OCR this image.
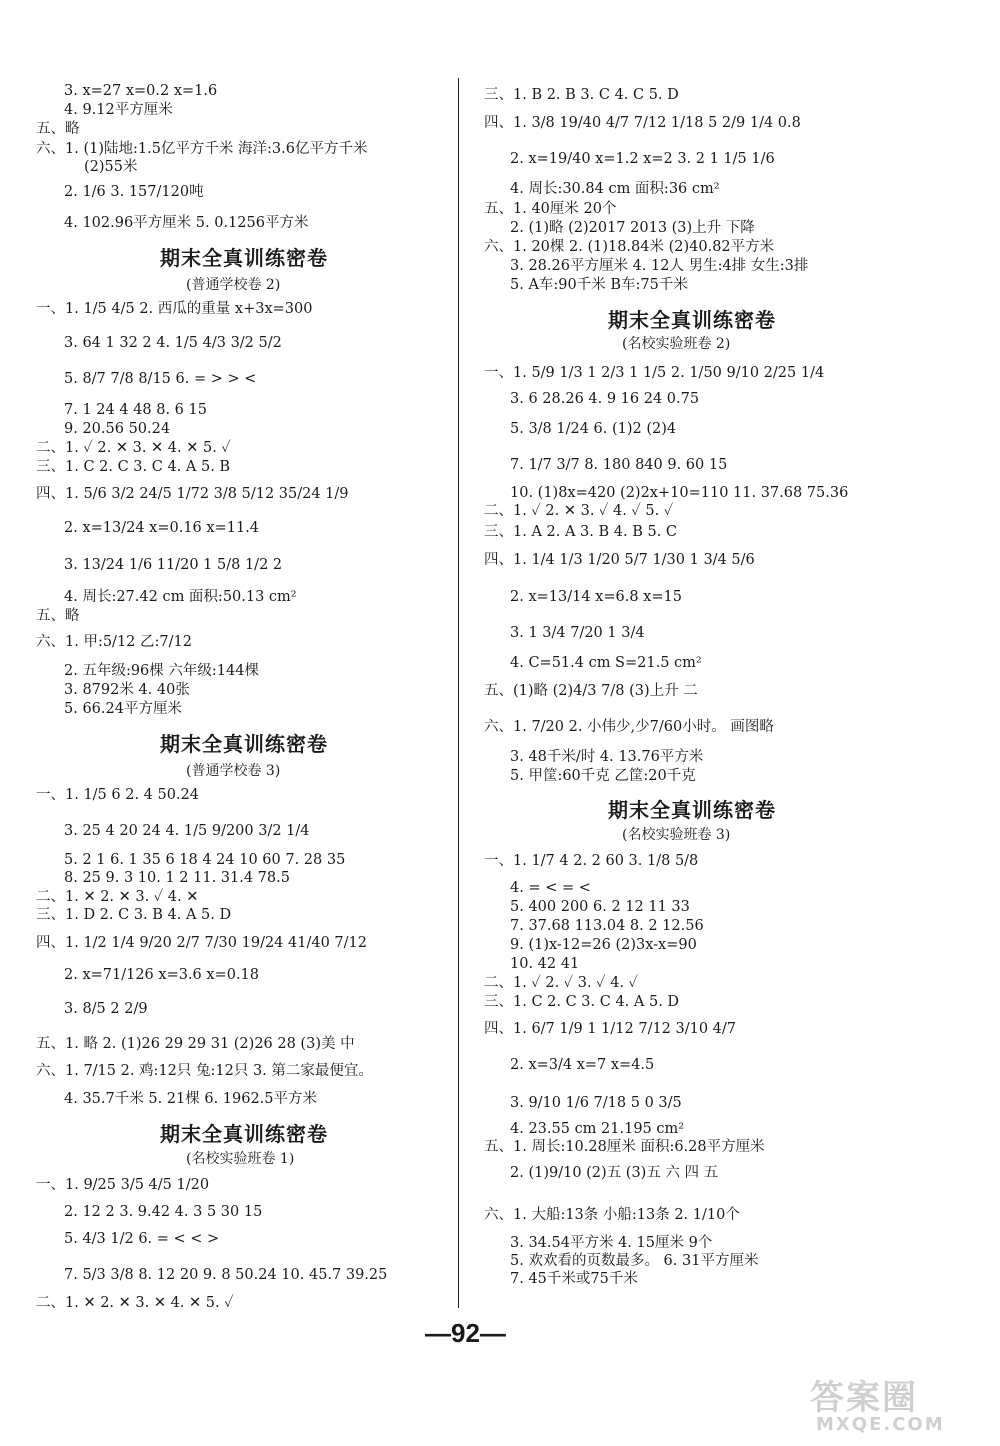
3. x=27 x=0.2 x=1.6
4. 9.12平方厘米
五、略
六、1. (1)陆地:1.5亿平方千米 海洋:3.6亿平方千米
(2)55米
2. 1/6 3. 157/120吨
4. 102.96平方厘米 5. 0.1256平方米
期末全真训练密卷
(普通学校卷 2)
一、1. 1/5 4/5 2. 西瓜的重量 x+3x=300
3. 64 1 32 2 4. 1/5 4/3 3/2 5/2
5. 8/7 7/8 8/15 6. = > > <
7. 1 24 4 48 8. 6 15
9. 20.56 50.24
二、1. ✓ 2. ✕ 3. ✕ 4. ✕ 5. ✓
三、1. C 2. C 3. C 4. A 5. B
四、1. 5/6 3/2 24/5 1/72 3/8 5/12 35/24 1/9
2. x=13/24 x=0.16 x=11.4
3. 13/24 1/6 11/20 1 5/8 1/2 2
4. 周长:27.42 cm 面积:50.13 cm²
五、略
六、1. 甲:5/12 乙:7/12
2. 五年级:96棵 六年级:144棵
3. 8792米 4. 40张
5. 66.24平方厘米
期末全真训练密卷
(普通学校卷 3)
一、1. 1/5 6 2. 4 50.24
3. 25 4 20 24 4. 1/5 9/200 3/2 1/4
5. 2 1 6. 1 35 6 18 4 24 10 60 7. 28 35
8. 25 9. 3 10. 1 2 11. 31.4 78.5
二、1. ✕ 2. ✕ 3. ✓ 4. ✕
三、1. D 2. C 3. B 4. A 5. D
四、1. 1/2 1/4 9/20 2/7 7/30 19/24 41/40 7/12
2. x=71/126 x=3.6 x=0.18
3. 8/5 2 2/9
五、1. 略 2. (1)26 29 29 31 (2)26 28 (3)美 中
六、1. 7/15 2. 鸡:12只 兔:12只 3. 第二家最便宜。
4. 35.7千米 5. 21棵 6. 1962.5平方米
期末全真训练密卷
(名校实验班卷 1)
一、1. 9/25 3/5 4/5 1/20
2. 12 2 3. 9.42 4. 3 5 30 15
5. 4/3 1/2 6. = < < >
7. 5/3 3/8 8. 12 20 9. 8 50.24 10. 45.7 39.25
二、1. ✕ 2. ✕ 3. ✕ 4. ✕ 5. ✓
三、1. B 2. B 3. C 4. C 5. D
四、1. 3/8 19/40 4/7 7/12 1/18 5 2/9 1/4 0.8
2. x=19/40 x=1.2 x=2 3. 2 1 1/5 1/6
4. 周长:30.84 cm 面积:36 cm²
五、1. 40厘米 20个
2. (1)略 (2)2017 2013 (3)上升 下降
六、1. 20棵 2. (1)18.84米 (2)40.82平方米
3. 28.26平方厘米 4. 12人 男生:4排 女生:3排
5. A车:90千米 B车:75千米
期末全真训练密卷
(名校实验班卷 2)
一、1. 5/9 1/3 1 2/3 1 1/5 2. 1/50 9/10 2/25 1/4
3. 6 28.26 4. 9 16 24 0.75
5. 3/8 1/24 6. (1)2 (2)4
7. 1/7 3/7 8. 180 840 9. 60 15
10. (1)8x=420 (2)2x+10=110 11. 37.68 75.36
二、1. ✓ 2. ✕ 3. ✓ 4. ✓ 5. ✓
三、1. A 2. A 3. B 4. B 5. C
四、1. 1/4 1/3 1/20 5/7 1/30 1 3/4 5/6
2. x=13/14 x=6.8 x=15
3. 1 3/4 7/20 1 3/4
4. C=51.4 cm S=21.5 cm²
五、(1)略 (2)4/3 7/8 (3)上升 二
六、1. 7/20 2. 小伟少,少7/60小时。 画图略
3. 48千米/时 4. 13.76平方米
5. 甲筐:60千克 乙筐:20千克
期末全真训练密卷
(名校实验班卷 3)
一、1. 1/7 4 2. 2 60 3. 1/8 5/8
4. = < = <
5. 400 200 6. 2 12 11 33
7. 37.68 113.04 8. 2 12.56
9. (1)x-12=26 (2)3x-x=90
10. 42 41
二、1. ✓ 2. ✓ 3. ✓ 4. ✓
三、1. C 2. C 3. C 4. A 5. D
四、1. 6/7 1/9 1 1/12 7/12 3/10 4/7
2. x=3/4 x=7 x=4.5
3. 9/10 1/6 7/18 5 0 3/5
4. 23.55 cm 21.195 cm²
五、1. 周长:10.28厘米 面积:6.28平方厘米
2. (1)9/10 (2)五 (3)五 六 四 五
六、1. 大船:13条 小船:13条 2. 1/10个
3. 34.54平方米 4. 15厘米 9个
5. 欢欢看的页数最多。 6. 31平方厘米
7. 45千米或75千米
—92—
答案圈
MXQE.COM
